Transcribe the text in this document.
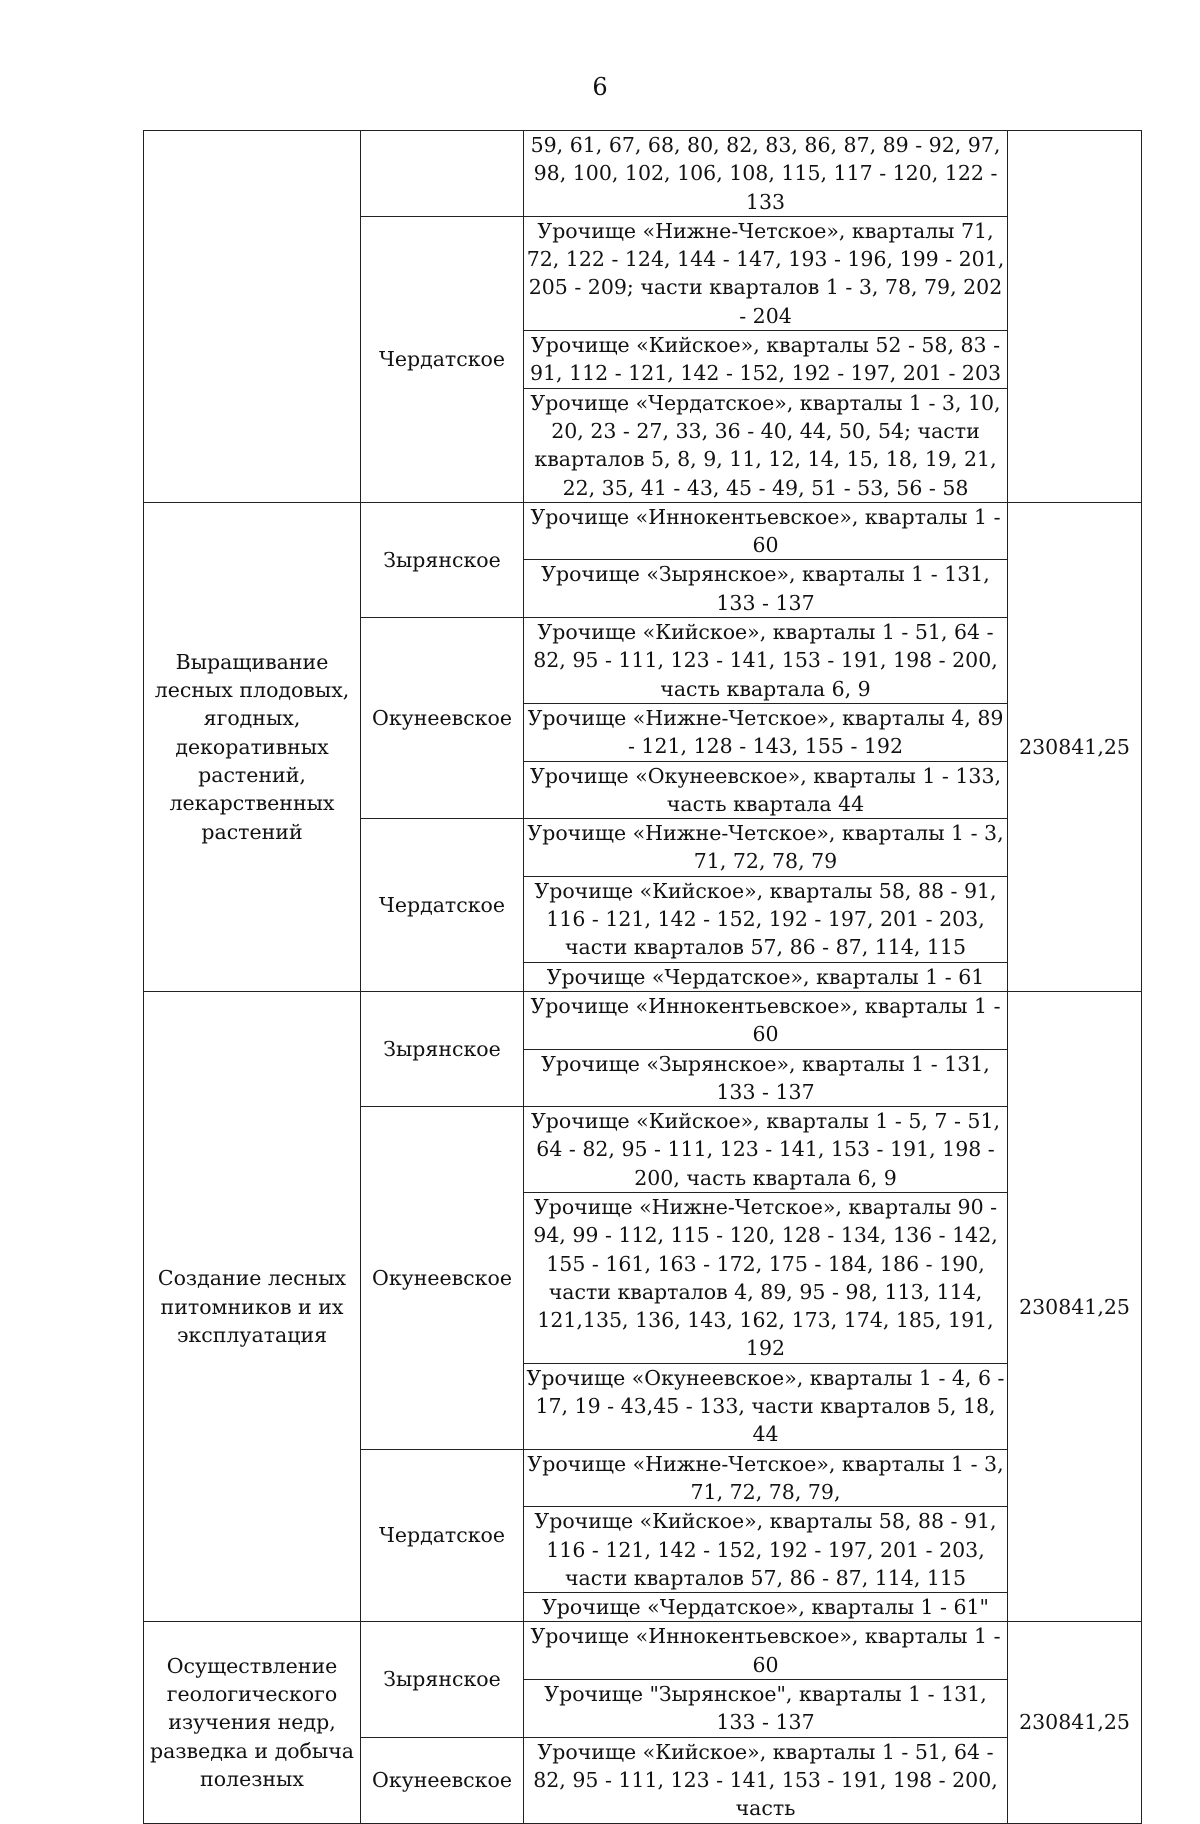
6
		59, 61, 67, 68, 80, 82, 83, 86, 87, 89 - 92, 97, 98, 100, 102, 106, 108, 115, 117 - 120, 122 - 133	
	Чердатское	Урочище «Нижне-Четское», кварталы 71, 72, 122 - 124, 144 - 147, 193 - 196, 199 - 201, 205 - 209; части кварталов 1 - 3, 78, 79, 202 - 204	
		Урочище «Кийское», кварталы 52 - 58, 83 - 91, 112 - 121, 142 - 152, 192 - 197, 201 - 203	
		Урочище «Чердатское», кварталы 1 - 3, 10, 20, 23 - 27, 33, 36 - 40, 44, 50, 54; части кварталов 5, 8, 9, 11, 12, 14, 15, 18, 19, 21, 22, 35, 41 - 43, 45 - 49, 51 - 53, 56 - 58	
Выращивание лесных плодовых, ягодных, декоративных растений, лекарственных растений	Зырянское	Урочище «Иннокентьевское», кварталы 1 - 60	230841,25
		Урочище «Зырянское», кварталы 1 - 131, 133 - 137	
	Окунеевское	Урочище «Кийское», кварталы 1 - 51, 64 - 82, 95 - 111, 123 - 141, 153 - 191, 198 - 200, часть квартала 6, 9	
		Урочище «Нижне-Четское», кварталы 4, 89 - 121, 128 - 143, 155 - 192	
		Урочище «Окунеевское», кварталы 1 - 133, часть квартала 44	
	Чердатское	Урочище «Нижне-Четское», кварталы 1 - 3, 71, 72, 78, 79	
		Урочище «Кийское», кварталы 58, 88 - 91, 116 - 121, 142 - 152, 192 - 197, 201 - 203, части кварталов 57, 86 - 87, 114, 115	
		Урочище «Чердатское», кварталы 1 - 61	
Создание лесных питомников и их эксплуатация	Зырянское	Урочище «Иннокентьевское», кварталы 1 - 60	230841,25
		Урочище «Зырянское», кварталы 1 - 131, 133 - 137	
	Окунеевское	Урочище «Кийское», кварталы 1 - 5, 7 - 51, 64 - 82, 95 - 111, 123 - 141, 153 - 191, 198 - 200, часть квартала 6, 9	
		Урочище «Нижне-Четское», кварталы 90 - 94, 99 - 112, 115 - 120, 128 - 134, 136 - 142, 155 - 161, 163 - 172, 175 - 184, 186 - 190, части кварталов 4, 89, 95 - 98, 113, 114, 121,135, 136, 143, 162, 173, 174, 185, 191, 192	
		Урочище «Окунеевское», кварталы 1 - 4, 6 - 17, 19 - 43,45 - 133, части кварталов 5, 18, 44	
	Чердатское	Урочище «Нижне-Четское», кварталы 1 - 3, 71, 72, 78, 79,	
		Урочище «Кийское», кварталы 58, 88 - 91, 116 - 121, 142 - 152, 192 - 197, 201 - 203, части кварталов 57, 86 - 87, 114, 115	
		Урочище «Чердатское», кварталы 1 - 61"	
Осуществление геологического изучения недр, разведка и добыча полезных	Зырянское	Урочище «Иннокентьевское», кварталы 1 - 60	230841,25
		Урочище "Зырянское", кварталы 1 - 131, 133 - 137	
	Окунеевское	Урочище «Кийское», кварталы 1 - 51, 64 - 82, 95 - 111, 123 - 141, 153 - 191, 198 - 200, часть	
